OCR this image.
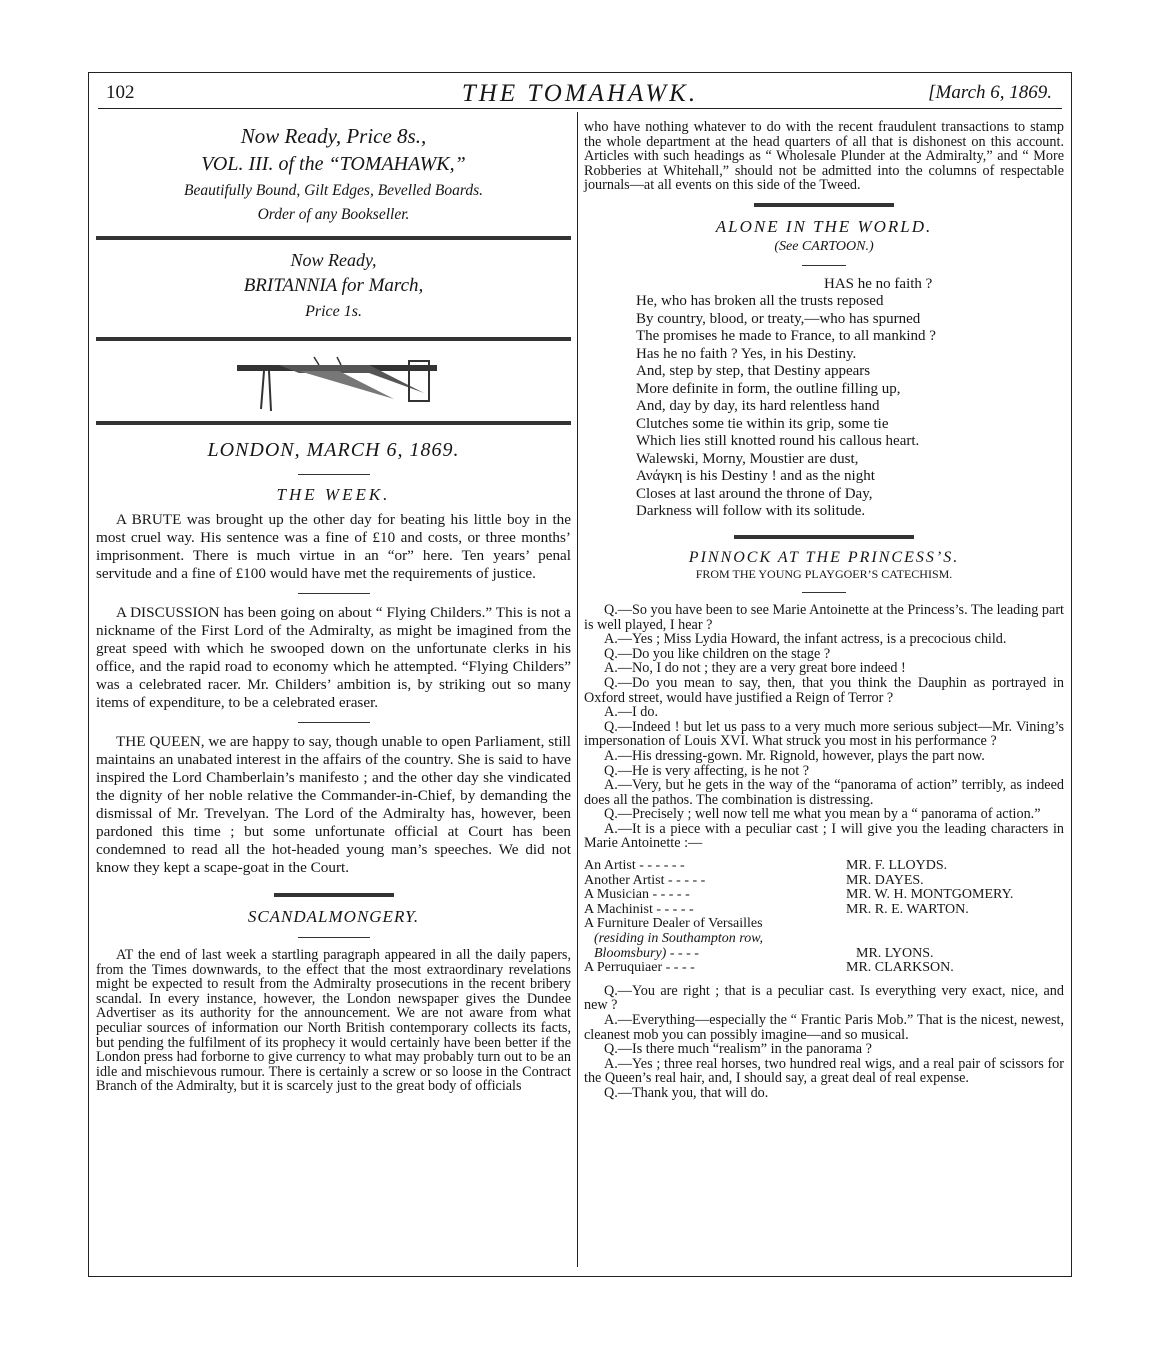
102	THE TOMAHAWK.	[March 6, 1869.
Now Ready, Price 8s.,
VOL. III. of the “TOMAHAWK,”
Beautifully Bound, Gilt Edges, Bevelled Boards.
Order of any Bookseller.
Now Ready,
BRITANNIA for March,
Price 1s.
LONDON, MARCH 6, 1869.
THE WEEK.

A BRUTE was brought up the other day for beating his little boy in the most cruel way. His sentence was a fine of £10 and costs, or three months’ imprisonment. There is much virtue in an “or” here. Ten years’ penal servitude and a fine of £100 would have met the requirements of justice.

A DISCUSSION has been going on about “ Flying Childers.” This is not a nickname of the First Lord of the Admiralty, as might be imagined from the great speed with which he swooped down on the unfortunate clerks in his office, and the rapid road to economy which he attempted. “Flying Childers” was a celebrated racer. Mr. Childers’ ambition is, by striking out so many items of expenditure, to be a celebrated eraser.

THE QUEEN, we are happy to say, though unable to open Parliament, still maintains an unabated interest in the affairs of the country. She is said to have inspired the Lord Chamberlain’s manifesto ; and the other day she vindicated the dignity of her noble relative the Commander-in-Chief, by demanding the dismissal of Mr. Trevelyan. The Lord of the Admiralty has, however, been pardoned this time ; but some unfortunate official at Court has been condemned to read all the hot-headed young man’s speeches. We did not know they kept a scape-goat in the Court.

SCANDALMONGERY.

AT the end of last week a startling paragraph appeared in all the daily papers, from the Times downwards, to the effect that the most extraordinary revelations might be expected to result from the Admiralty prosecutions in the recent bribery scandal. In every instance, however, the London newspaper gives the Dundee Advertiser as its authority for the announcement. We are not aware from what peculiar sources of information our North British contemporary collects its facts, but pending the fulfilment of its prophecy it would certainly have been better if the London press had forborne to give currency to what may probably turn out to be an idle and mischievous rumour. There is certainly a screw or so loose in the Contract Branch of the Admiralty, but it is scarcely just to the great body of officials

who have nothing whatever to do with the recent fraudulent transactions to stamp the whole department at the head quarters of all that is dishonest on this account. Articles with such headings as “ Wholesale Plunder at the Admiralty,” and “ More Robberies at Whitehall,” should not be admitted into the columns of respectable journals—at all events on this side of the Tweed.

ALONE IN THE WORLD.
(See CARTOON.)

HAS he no faith ?

He, who has broken all the trusts reposed

By country, blood, or treaty,—who has spurned

The promises he made to France, to all mankind ?

Has he no faith ? Yes, in his Destiny.

And, step by step, that Destiny appears

More definite in form, the outline filling up,

And, day by day, its hard relentless hand

Clutches some tie within its grip, some tie

Which lies still knotted round his callous heart.

Walewski, Morny, Moustier are dust,

Ανάγκη is his Destiny ! and as the night

Closes at last around the throne of Day,

Darkness will follow with its solitude.

PINNOCK AT THE PRINCESS’S.
FROM THE YOUNG PLAYGOER’S CATECHISM.

Q.—So you have been to see Marie Antoinette at the Princess’s. The leading part is well played, I hear ?

A.—Yes ; Miss Lydia Howard, the infant actress, is a precocious child.

Q.—Do you like children on the stage ?

A.—No, I do not ; they are a very great bore indeed !

Q.—Do you mean to say, then, that you think the Dauphin as portrayed in Oxford street, would have justified a Reign of Terror ?

A.—I do.

Q.—Indeed ! but let us pass to a very much more serious subject—Mr. Vining’s impersonation of Louis XVI. What struck you most in his performance ?

A.—His dressing-gown. Mr. Rignold, however, plays the part now.

Q.—He is very affecting, is he not ?

A.—Very, but he gets in the way of the “panorama of action” terribly, as indeed does all the pathos. The combination is distressing.

Q.—Precisely ; well now tell me what you mean by a “ panorama of action.”

A.—It is a piece with a peculiar cast ; I will give you the leading characters in Marie Antoinette :—

An Artist - - - - - -	MR. F. LLOYDS.
Another Artist - - - - -	MR. DAYES.
A Musician - - - - -	MR. W. H. MONTGOMERY.
A Machinist - - - - -	MR. R. E. WARTON.
A Furniture Dealer of Versailles
(residing in Southampton row,
Bloomsbury) - - - -	MR. LYONS.
A Perruquiaer - - - -	MR. CLARKSON.

Q.—You are right ; that is a peculiar cast. Is everything very exact, nice, and new ?

A.—Everything—especially the “ Frantic Paris Mob.” That is the nicest, newest, cleanest mob you can possibly imagine—and so musical.

Q.—Is there much “realism” in the panorama ?

A.—Yes ; three real horses, two hundred real wigs, and a real pair of scissors for the Queen’s real hair, and, I should say, a great deal of real expense.

Q.—Thank you, that will do.
